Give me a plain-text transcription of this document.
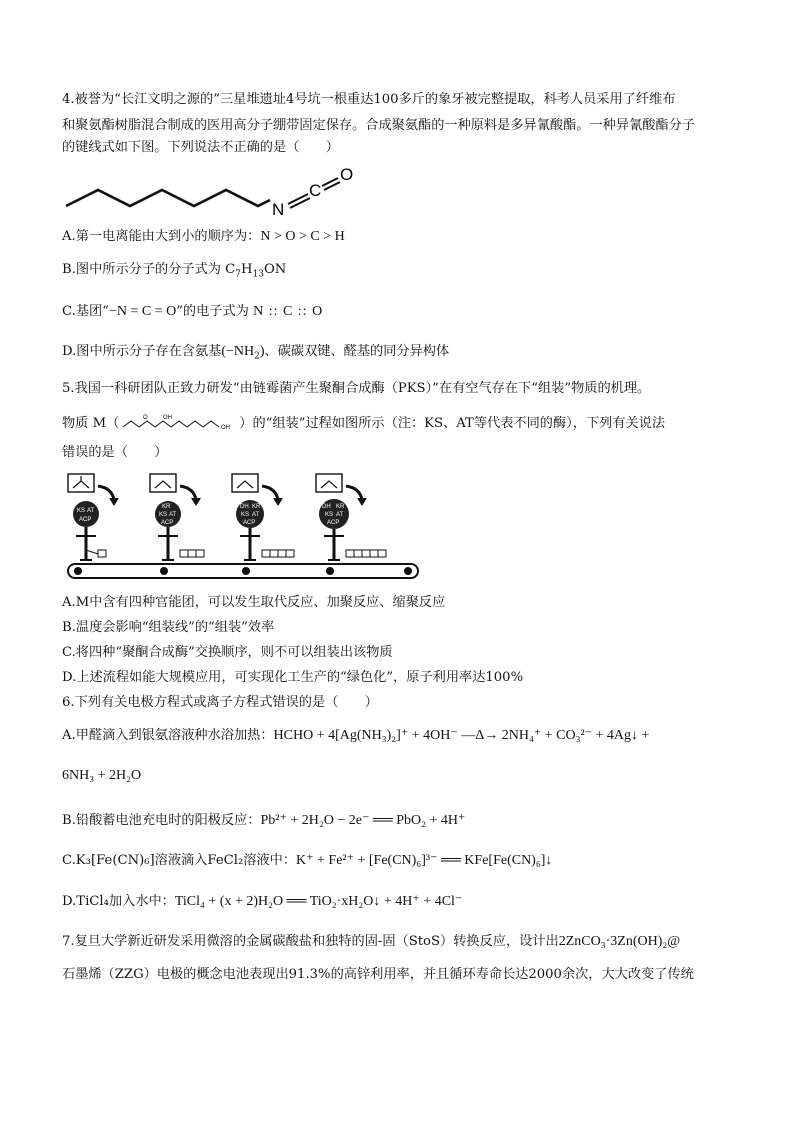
4.被誉为“长江文明之源的”三星堆遗址4号坑一根重达100多斤的象牙被完整提取，科考人员采用了纤维布
和聚氨酯树脂混合制成的医用高分子绷带固定保存。合成聚氨酯的一种原料是多异氰酸酯。一种异氰酸酯分子
的键线式如下图。下列说法不正确的是（　　）
N
C
O
A.第一电离能由大到小的顺序为：N > O > C > H
B.图中所示分子的分子式为 $C_7H_{13}ON$
C.基团“−N = C = O”的电子式为 N :: C :: O
D.图中所示分子存在含氨基$(-NH_2)$、碳碳双键、醛基的同分异构体
5.我国一科研团队正致力研发“由链霉菌产生聚酮合成酶（PKS）”在有空气存在下“组装”物质的机理。
物质 M（	O	OH
OH ）的“组装”过程如图所示（注：KS、AT等代表不同的酶），下列有关说法
错误的是（　　）
KS AT
ACP
KR
KS AT
ACP
DH KR
KS AT
ACP
DH KR
KS AT
ACP
A.M中含有四种官能团，可以发生取代反应、加聚反应、缩聚反应
B.温度会影响“组装线”的“组装”效率
C.将四种“聚酮合成酶”交换顺序，则不可以组装出该物质
D.上述流程如能大规模应用，可实现化工生产的“绿色化”，原子利用率达100%
6.下列有关电极方程式或离子方程式错误的是（　　）
A.甲醛滴入到银氨溶液种水浴加热：HCHO + 4[Ag(NH₃)₂]⁺ + 4OH⁻ —Δ→ 2NH₄⁺ + CO₃²⁻ + 4Ag↓ +
6NH₃ + 2H₂O
B.铅酸蓄电池充电时的阳极反应：Pb²⁺ + 2H₂O − 2e⁻ ══ PbO₂ + 4H⁺
C.K₃[Fe(CN)₆]溶液滴入FeCl₂溶液中：K⁺ + Fe²⁺ + [Fe(CN)₆]³⁻ ══ KFe[Fe(CN)₆]↓
D.TiCl₄加入水中：TiCl₄ + (x + 2)H₂O ══ TiO₂·xH₂O↓ + 4H⁺ + 4Cl⁻
7.复旦大学新近研发采用微溶的金属碳酸盐和独特的固-固（StoS）转换反应，设计出2ZnCO₃·3Zn(OH)₂@
石墨烯（ZZG）电极的概念电池表现出91.3%的高锌利用率，并且循环寿命长达2000余次，大大改变了传统
